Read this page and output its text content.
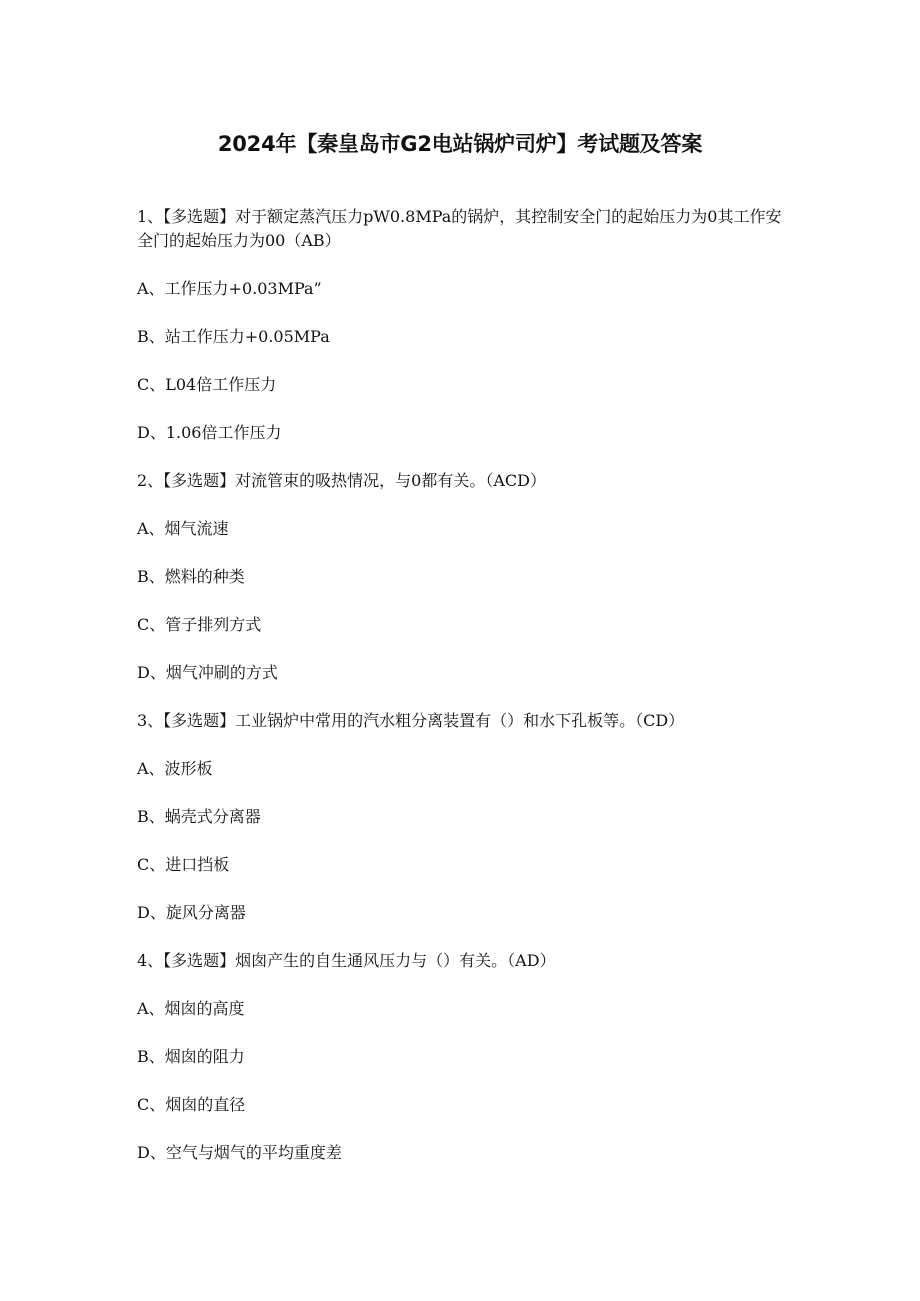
2024年【秦皇岛市G2电站锅炉司炉】考试题及答案

1、【多选题】对于额定蒸汽压力pW0.8MPa的锅炉，其控制安全门的起始压力为0其工作安全门的起始压力为00（AB）

A、工作压力+0.03MPa”

B、站工作压力+0.05MPa

C、L04倍工作压力

D、1.06倍工作压力

2、【多选题】对流管束的吸热情况，与0都有关。（ACD）

A、烟气流速

B、燃料的种类

C、管子排列方式

D、烟气冲刷的方式

3、【多选题】工业锅炉中常用的汽水粗分离装置有（）和水下孔板等。（CD）

A、波形板

B、蜗壳式分离器

C、进口挡板

D、旋风分离器

4、【多选题】烟囱产生的自生通风压力与（）有关。（AD）

A、烟囱的高度

B、烟囱的阻力

C、烟囱的直径

D、空气与烟气的平均重度差
